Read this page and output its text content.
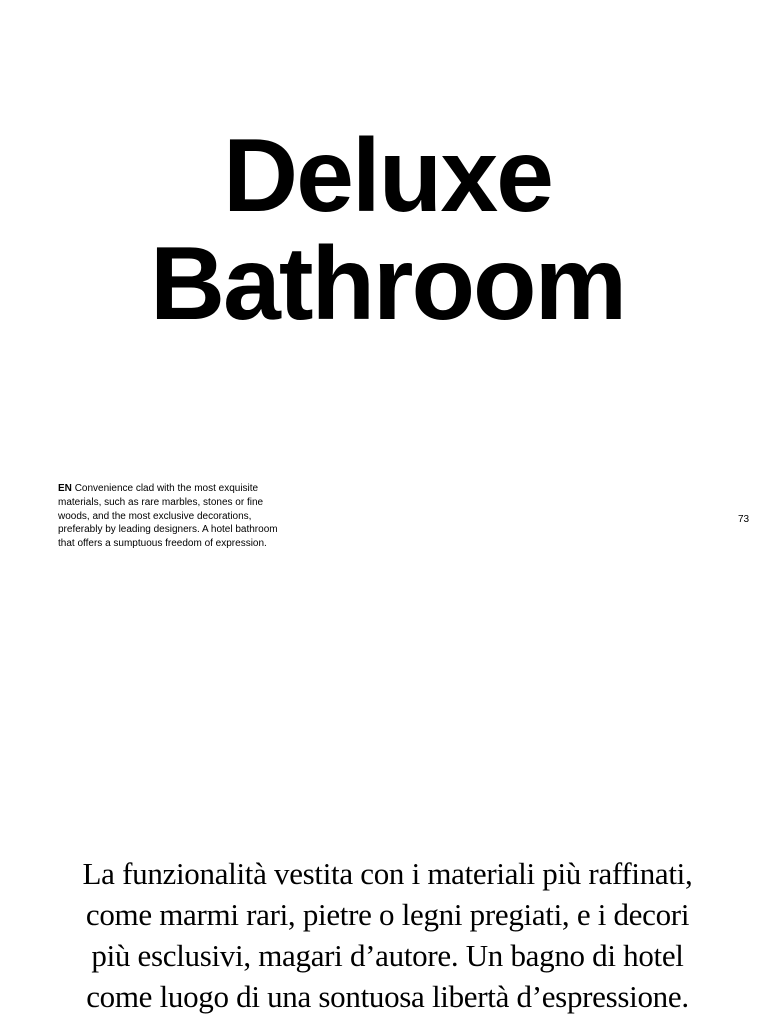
Deluxe
Bathroom

EN Convenience clad with the most exquisite materials, such as rare marbles, stones or fine woods, and the most exclusive decorations, preferably by leading designers. A hotel bathroom that offers a sumptuous freedom of expression.

73

La funzionalità vestita con i materiali più raffinati,
come marmi rari, pietre o legni pregiati, e i decori
più esclusivi, magari d’autore. Un bagno di hotel
come luogo di una sontuosa libertà d’espressione.
